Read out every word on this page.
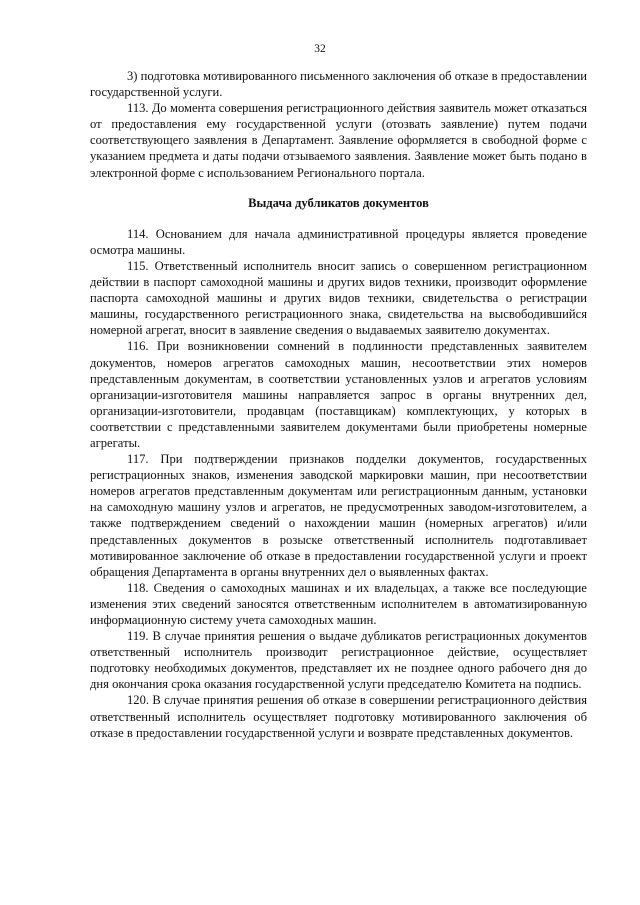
32

3) подготовка мотивированного письменного заключения об отказе в предоставлении государственной услуги.

113. До момента совершения регистрационного действия заявитель может отказаться от предоставления ему государственной услуги (отозвать заявление) путем подачи соответствующего заявления в Департамент. Заявление оформляется в свободной форме с указанием предмета и даты подачи отзываемого заявления. Заявление может быть подано в электронной форме с использованием Регионального портала.

Выдача дубликатов документов

114. Основанием для начала административной процедуры является проведение осмотра машины.

115. Ответственный исполнитель вносит запись о совершенном регистрационном действии в паспорт самоходной машины и других видов техники, производит оформление паспорта самоходной машины и других видов техники, свидетельства о регистрации машины, государственного регистрационного знака, свидетельства на высвободившийся номерной агрегат, вносит в заявление сведения о выдаваемых заявителю документах.

116. При возникновении сомнений в подлинности представленных заявителем документов, номеров агрегатов самоходных машин, несоответствии этих номеров представленным документам, в соответствии установленных узлов и агрегатов условиям организации-изготовителя машины направляется запрос в органы внутренних дел, организации-изготовители, продавцам (поставщикам) комплектующих, у которых в соответствии с представленными заявителем документами были приобретены номерные агрегаты.

117. При подтверждении признаков подделки документов, государственных регистрационных знаков, изменения заводской маркировки машин, при несоответствии номеров агрегатов представленным документам или регистрационным данным, установки на самоходную машину узлов и агрегатов, не предусмотренных заводом-изготовителем, а также подтверждением сведений о нахождении машин (номерных агрегатов) и/или представленных документов в розыске ответственный исполнитель подготавливает мотивированное заключение об отказе в предоставлении государственной услуги и проект обращения Департамента в органы внутренних дел о выявленных фактах.

118. Сведения о самоходных машинах и их владельцах, а также все последующие изменения этих сведений заносятся ответственным исполнителем в автоматизированную информационную систему учета самоходных машин.

119. В случае принятия решения о выдаче дубликатов регистрационных документов ответственный исполнитель производит регистрационное действие, осуществляет подготовку необходимых документов, представляет их не позднее одного рабочего дня до дня окончания срока оказания государственной услуги председателю Комитета на подпись.

120. В случае принятия решения об отказе в совершении регистрационного действия ответственный исполнитель осуществляет подготовку мотивированного заключения об отказе в предоставлении государственной услуги и возврате представленных документов.
